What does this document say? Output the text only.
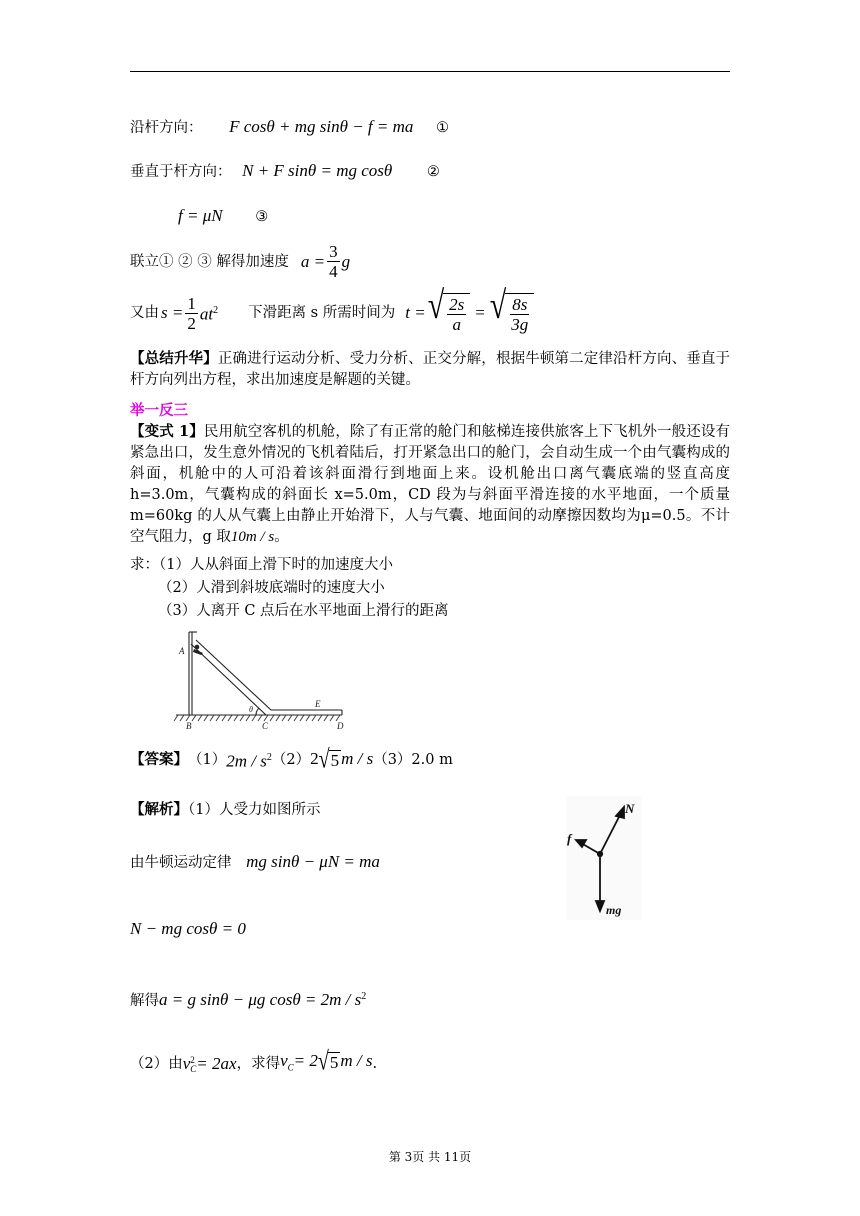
沿杆方向： F cosθ + mg sinθ − f = ma ①
垂直于杆方向： N + F sinθ = mg cosθ ②
f = μN ③
联立① ② ③ 解得加速度 $a = \frac{3}{4}$ g
又由 $s = \frac{1}{2} at^2$ 下滑距离 s 所需时间为 t = √ $\frac{2s}{a}$ = √ $\frac{8s}{3g}$
【总结升华】正确进行运动分析、受力分析、正交分解，根据牛顿第二定律沿杆方向、垂直于杆方向列出方程，求出加速度是解题的关键。
举一反三
【变式 1】民用航空客机的机舱，除了有正常的舱门和舷梯连接供旅客上下飞机外一般还设有紧急出口，发生意外情况的飞机着陆后，打开紧急出口的舱门，会自动生成一个由气囊构成的斜面，机舱中的人可沿着该斜面滑行到地面上来。设机舱出口离气囊底端的竖直高度 h=3.0m，气囊构成的斜面长 x=5.0m，CD 段为与斜面平滑连接的水平地面，一个质量 m=60kg 的人从气囊上由静止开始滑下，人与气囊、地面间的动摩擦因数均为μ=0.5。不计空气阻力，g 取10m / s。
求：（1）人从斜面上滑下时的加速度大小
（2）人滑到斜坡底端时的速度大小
（3）人离开 C 点后在水平地面上滑行的距离
A
B	C	D
E
θ
【答案】 （1） $2m / s^2$ （2） 2 √ 5 m / s （3）2.0 m
【解析】（1）人受力如图所示	N
f
mg
由牛顿运动定律 mg sinθ − μN = ma
N − mg cosθ = 0
解得a = g sinθ − μg $\cos\theta = 2m / s^2$
（2）由 v 2
C = 2ax ，求得 $v_C= 2$ √ 5 m / s .
第 3页 共 11页
